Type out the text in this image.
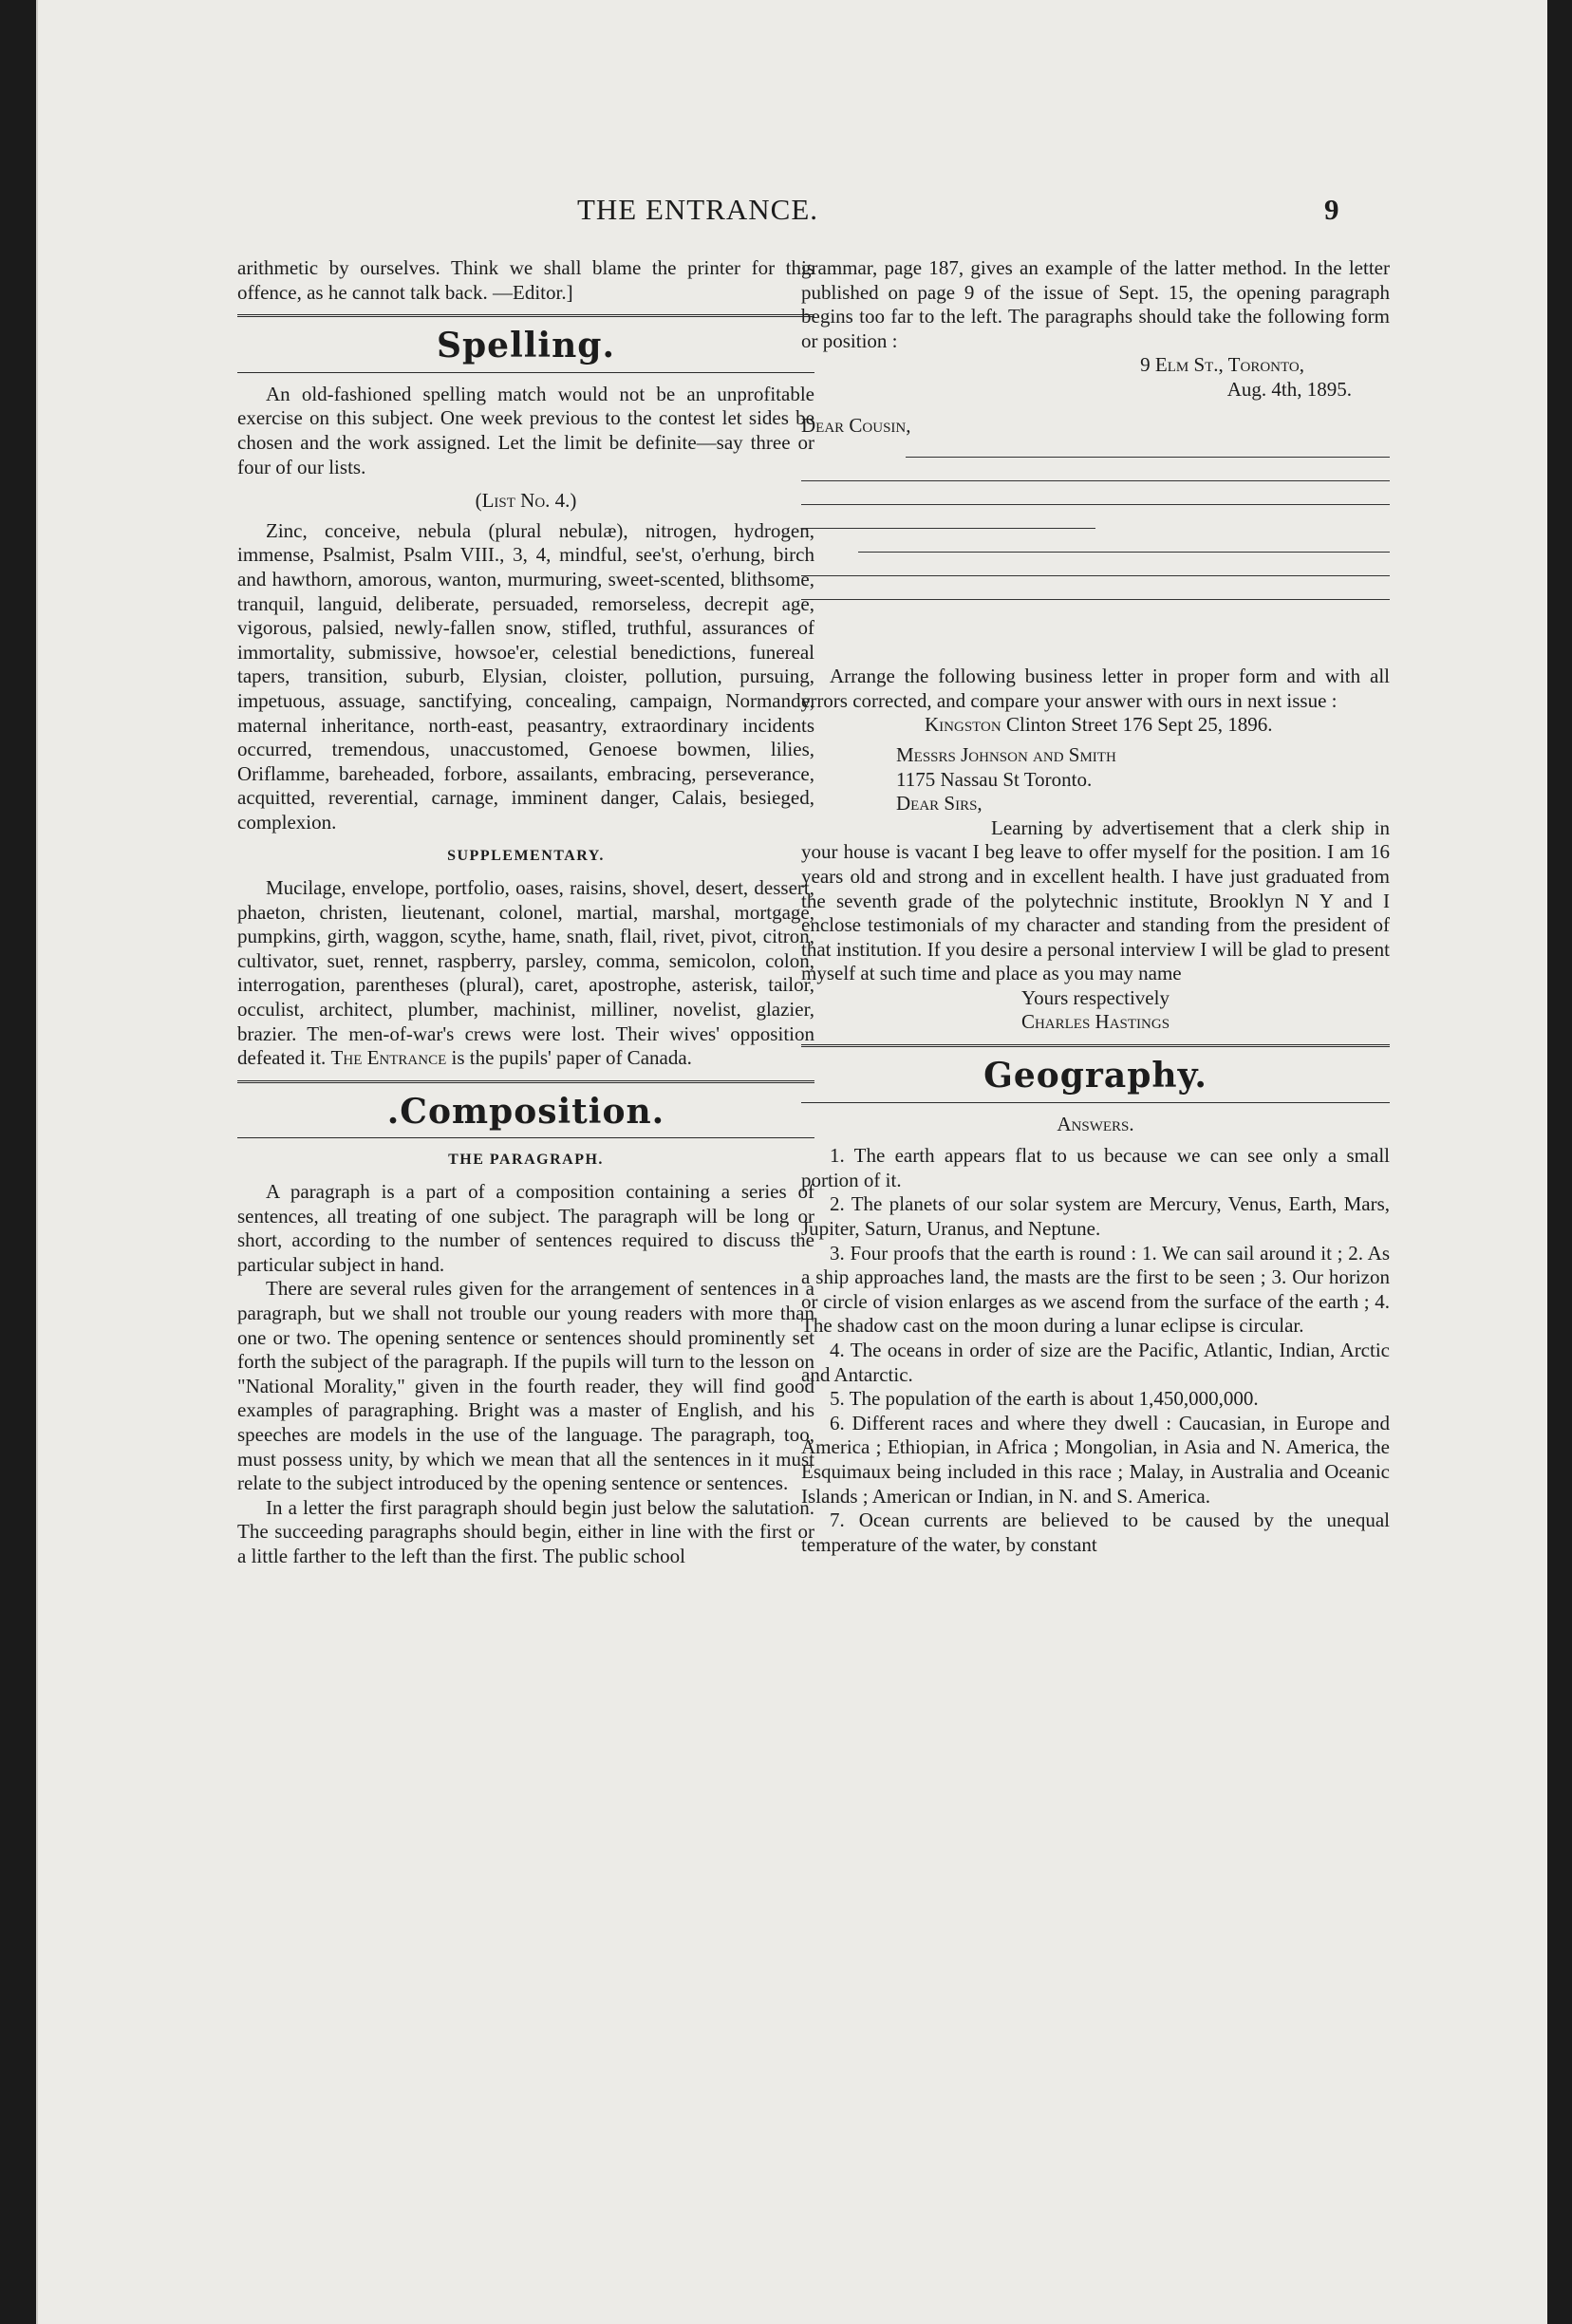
THE ENTRANCE.	9

arithmetic by ourselves. Think we shall blame the printer for this offence, as he cannot talk back. —Editor.]

Spelling.

An old-fashioned spelling match would not be an unprofitable exercise on this subject. One week previous to the contest let sides be chosen and the work assigned. Let the limit be definite—say three or four of our lists.

(List No. 4.)

Zinc, conceive, nebula (plural nebulæ), nitrogen, hydrogen, immense, Psalmist, Psalm VIII., 3, 4, mindful, see'st, o'erhung, birch and hawthorn, amorous, wanton, murmuring, sweet-scented, blithsome, tranquil, languid, deliberate, persuaded, remorseless, decrepit age, vigorous, palsied, newly-fallen snow, stifled, truthful, assurances of immortality, submissive, howsoe'er, celestial benedictions, funereal tapers, transition, suburb, Elysian, cloister, pollution, pursuing, impetuous, assuage, sanctifying, concealing, campaign, Normandy, maternal inheritance, north-east, peasantry, extraordinary incidents occurred, tremendous, unaccustomed, Genoese bowmen, lilies, Oriflamme, bareheaded, forbore, assailants, embracing, perseverance, acquitted, reverential, carnage, imminent danger, Calais, besieged, complexion.

SUPPLEMENTARY.

Mucilage, envelope, portfolio, oases, raisins, shovel, desert, dessert, phaeton, christen, lieutenant, colonel, martial, marshal, mortgage, pumpkins, girth, waggon, scythe, hame, snath, flail, rivet, pivot, citron, cultivator, suet, rennet, raspberry, parsley, comma, semicolon, colon, interrogation, parentheses (plural), caret, apostrophe, asterisk, tailor, occulist, architect, plumber, machinist, milliner, novelist, glazier, brazier. The men-of-war's crews were lost. Their wives' opposition defeated it. The Entrance is the pupils' paper of Canada.

.Composition.
THE PARAGRAPH.

A paragraph is a part of a composition containing a series of sentences, all treating of one subject. The paragraph will be long or short, according to the number of sentences required to discuss the particular subject in hand.

There are several rules given for the arrangement of sentences in a paragraph, but we shall not trouble our young readers with more than one or two. The opening sentence or sentences should prominently set forth the subject of the paragraph. If the pupils will turn to the lesson on "National Morality," given in the fourth reader, they will find good examples of paragraphing. Bright was a master of English, and his speeches are models in the use of the language. The paragraph, too, must possess unity, by which we mean that all the sentences in it must relate to the subject introduced by the opening sentence or sentences.

In a letter the first paragraph should begin just below the salutation. The succeeding paragraphs should begin, either in line with the first or a little farther to the left than the first. The public school

grammar, page 187, gives an example of the latter method. In the letter published on page 9 of the issue of Sept. 15, the opening paragraph begins too far to the left. The paragraphs should take the following form or position :

9 Elm St., Toronto,

Aug. 4th, 1895.

Dear Cousin,

Arrange the following business letter in proper form and with all errors corrected, and compare your answer with ours in next issue :

Kingston Clinton Street 176 Sept 25, 1896.

Messrs Johnson and Smith

1175 Nassau St Toronto.

Dear Sirs,

Learning by advertisement that a clerk ship in your house is vacant I beg leave to offer myself for the position. I am 16 years old and strong and in excellent health. I have just graduated from the seventh grade of the polytechnic institute, Brooklyn N Y and I enclose testimonials of my character and standing from the president of that institution. If you desire a personal interview I will be glad to present myself at such time and place as you may name

Yours respectively

Charles Hastings

Geography.

Answers.

1. The earth appears flat to us because we can see only a small portion of it.

2. The planets of our solar system are Mercury, Venus, Earth, Mars, Jupiter, Saturn, Uranus, and Neptune.

3. Four proofs that the earth is round : 1. We can sail around it ; 2. As a ship approaches land, the masts are the first to be seen ; 3. Our horizon or circle of vision enlarges as we ascend from the surface of the earth ; 4. The shadow cast on the moon during a lunar eclipse is circular.

4. The oceans in order of size are the Pacific, Atlantic, Indian, Arctic and Antarctic.

5. The population of the earth is about 1,450,000,000.

6. Different races and where they dwell : Caucasian, in Europe and America ; Ethiopian, in Africa ; Mongolian, in Asia and N. America, the Esquimaux being included in this race ; Malay, in Australia and Oceanic Islands ; American or Indian, in N. and S. America.

7. Ocean currents are believed to be caused by the unequal temperature of the water, by constant
